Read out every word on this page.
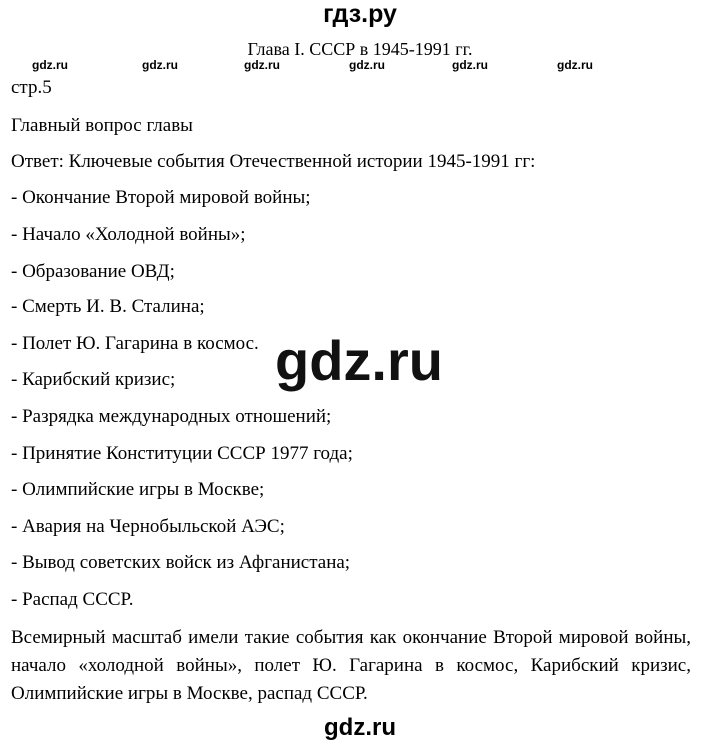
гдз.ру
Глава I. СССР в 1945-1991 гг.
gdz.ru	gdz.ru	gdz.ru	gdz.ru	gdz.ru	gdz.ru
стр.5
Главный вопрос главы
Ответ: Ключевые события Отечественной истории 1945-1991 гг:
- Окончание Второй мировой войны;
- Начало «Холодной войны»;
- Образование ОВД;
- Смерть И. В. Сталина;
- Полет Ю. Гагарина в космос.
- Карибский кризис;
- Разрядка международных отношений;
- Принятие Конституции СССР 1977 года;
- Олимпийские игры в Москве;
- Авария на Чернобыльской АЭС;
- Вывод советских войск из Афганистана;
- Распад СССР.
Всемирный масштаб имели такие события как окончание Второй мировой войны, начало «холодной войны», полет Ю. Гагарина в космос, Карибский кризис, Олимпийские игры в Москве, распад СССР.
gdz.ru
gdz.ru
